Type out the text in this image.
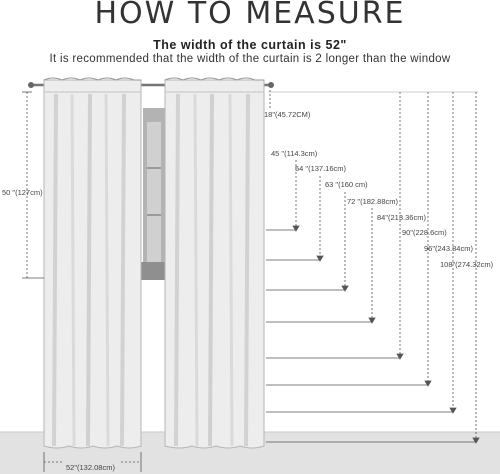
HOW TO MEASURE
The width of the curtain is 52"
It is recommended that the width of the curtain is 2 longer than the window
18"(45.72CM)
50 "(127cm)
52"(132.08cm)
45 "(114.3cm)
54 "(137.16cm)
63 "(160 cm)
72 "(182.88cm)
84"(213.36cm)
90"(228.6cm)
96"(243.84cm)
108"(274.32cm)
